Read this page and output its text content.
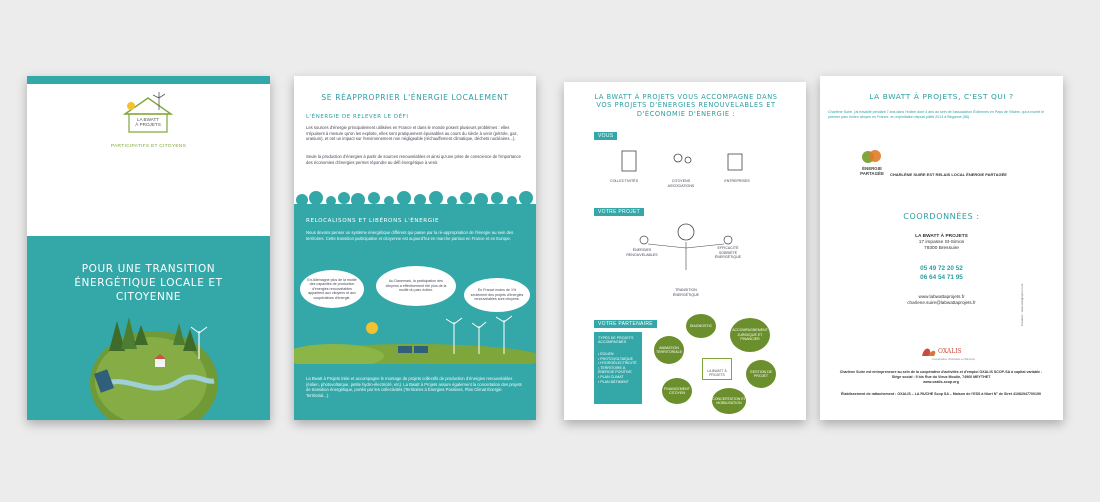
LA BWATT
À PROJETS
PARTICIPATIFS ET CITOYENS
POUR UNE TRANSITION ÉNERGÉTIQUE LOCALE ET CITOYENNE
SE RÉAPPROPRIER L'ÉNERGIE LOCALEMENT
L'ÉNERGIE DE RELEVER LE DÉFI
Les sources d'énergie principalement utilisées en France et dans le monde posent plusieurs problèmes : elles s'épuisent à mesure qu'on les exploite, elles sont pratiquement épuisables au cours du siècle à venir (pétrole, gaz, uranium), et ont un impact sur l'environnement non négligeable (réchauffement climatique, déchets nucléaires...).
Seule la production d'énergies à partir de sources renouvelables et ainsi qu'une prise de conscience de l'importance des économies d'énergies permet répondre au défi énergétique à venir.
RELOCALISONS ET LIBÉRONS L'ÉNERGIE
Nous devons penser un système énergétique différent qui passe par la ré-appropriation de l'énergie au sein des territoires. Cette transition participative et citoyenne est aujourd'hui en marche partout en France et en Europe.
En Allemagne plus de la moitié des capacités de production d'énergies renouvelables appartient aux citoyens et aux coopératives d'énergie.
Au Danemark, la participation des citoyens a effectivement été plus de la moitié du parc éolien.	En France moins de 1% seulement des projets d'énergies renouvelables sont citoyens.
La Bwatt à Projets initie et accompagne le montage de projets collectifs de production d'énergies renouvelables (éolien, photovoltaïque, petite hydro-électricité, etc). La Bwatt à Projets assure également la concertation des projets de transition énergétique, portés par les collectivités (Territoires à Énergies Positives, Plan Climat Énergie Territorial...).
LA BWATT À PROJETS VOUS ACCOMPAGNE DANS VOS PROJETS D'ÉNERGIES RENOUVELABLES ET D'ÉCONOMIE D'ÉNERGIE :
VOUS
COLLECTIVITÉS	CITOYENS ASSOCIATIONS
ENTREPRISES
VOTRE PROJET
ÉNERGIES RENOUVELABLES
EFFICACITÉ SOBRIÉTÉ ÉNERGÉTIQUE
TRANSITION ÉNERGÉTIQUE
VOTRE PARTENAIRE
TYPES DE PROJETS ACCOMPAGNÉS
• ÉOLIEN
• PHOTOVOLTAÏQUE
• HYDROÉLECTRICITÉ
• TERRITOIRE À ÉNERGIE POSITIVE
• PLAN CLIMAT
• PLAN BÂTIMENT
DIAGNOSTIC
ACCOMPAGNEMENT JURIDIQUE ET FINANCIER
ANIMATION TERRITORIALE
GESTION DE PROJET
FINANCEMENT CITOYEN
CONCERTATION ET MOBILISATION
LA BWATT À PROJETS
LA BWATT À PROJETS, C'EST QUI ?
Charlène Suire, j'ai travaillé pendant 7 ans dans l'éolien dont 4 ans au sein de l'association Éoliennes en Pays de Vilaine, qui a monté le premier parc éolien citoyen en France, en exploitation depuis juillet 2014 à Béganne (56).
ÉNERGIE
PARTAGÉE	CHARLÈNE SUIRE EST RELAIS LOCAL ÉNERGIE PARTAGÉE
COORDONNÉES :
LA BWATT À PROJETS
17 impasse St-Simon
79300 Bressuire
05 49 72 20 52
06 64 54 71 95
www.labwattaprojets.fr
charlene.suire@labwattaprojets.fr
OXALIS
Coopérative d'Activités et d'Emploi
Charlène Suire est entrepreneure au sein de la coopérative d'activités et d'emploi OXALIS SCOP-SA à capital variable - Siège social : 9 bis Rue du Vieux Moulin, 74960 MEYTHET
www.oxalis-scop.org
Établissement de rattachement : OXALIS – LA RUCHE Scop SA – Maison de l'ESS à Niort N° de Siret 41082947700190
Création : www.sebgtopeur.com
